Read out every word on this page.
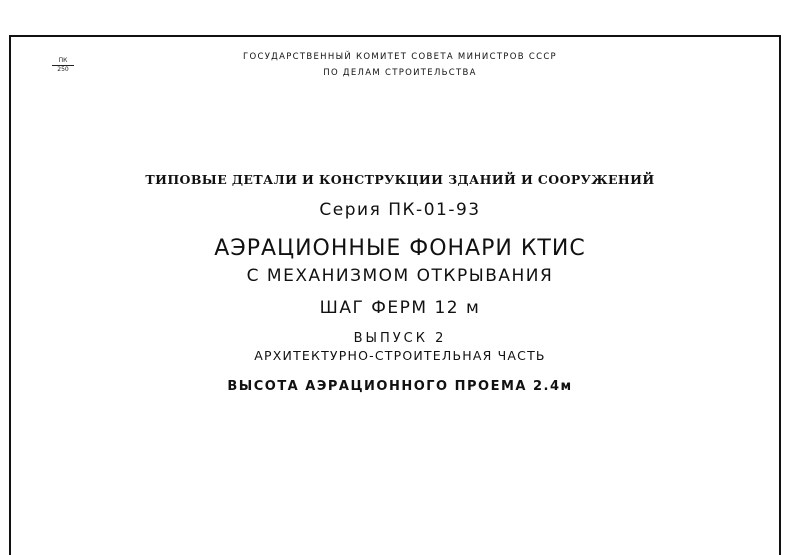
ПК
250
ГОСУДАРСТВЕННЫЙ КОМИТЕТ СОВЕТА МИНИСТРОВ СССР
ПО ДЕЛАМ СТРОИТЕЛЬСТВА
ТИПОВЫЕ ДЕТАЛИ И КОНСТРУКЦИИ ЗДАНИЙ И СООРУЖЕНИЙ
Серия ПК-01-93
АЭРАЦИОННЫЕ ФОНАРИ КТИС
С МЕХАНИЗМОМ ОТКРЫВАНИЯ
ШАГ ФЕРМ 12 м
ВЫПУСК 2
АРХИТЕКТУРНО-СТРОИТЕЛЬНАЯ ЧАСТЬ
ВЫСОТА АЭРАЦИОННОГО ПРОЕМА 2.4м
